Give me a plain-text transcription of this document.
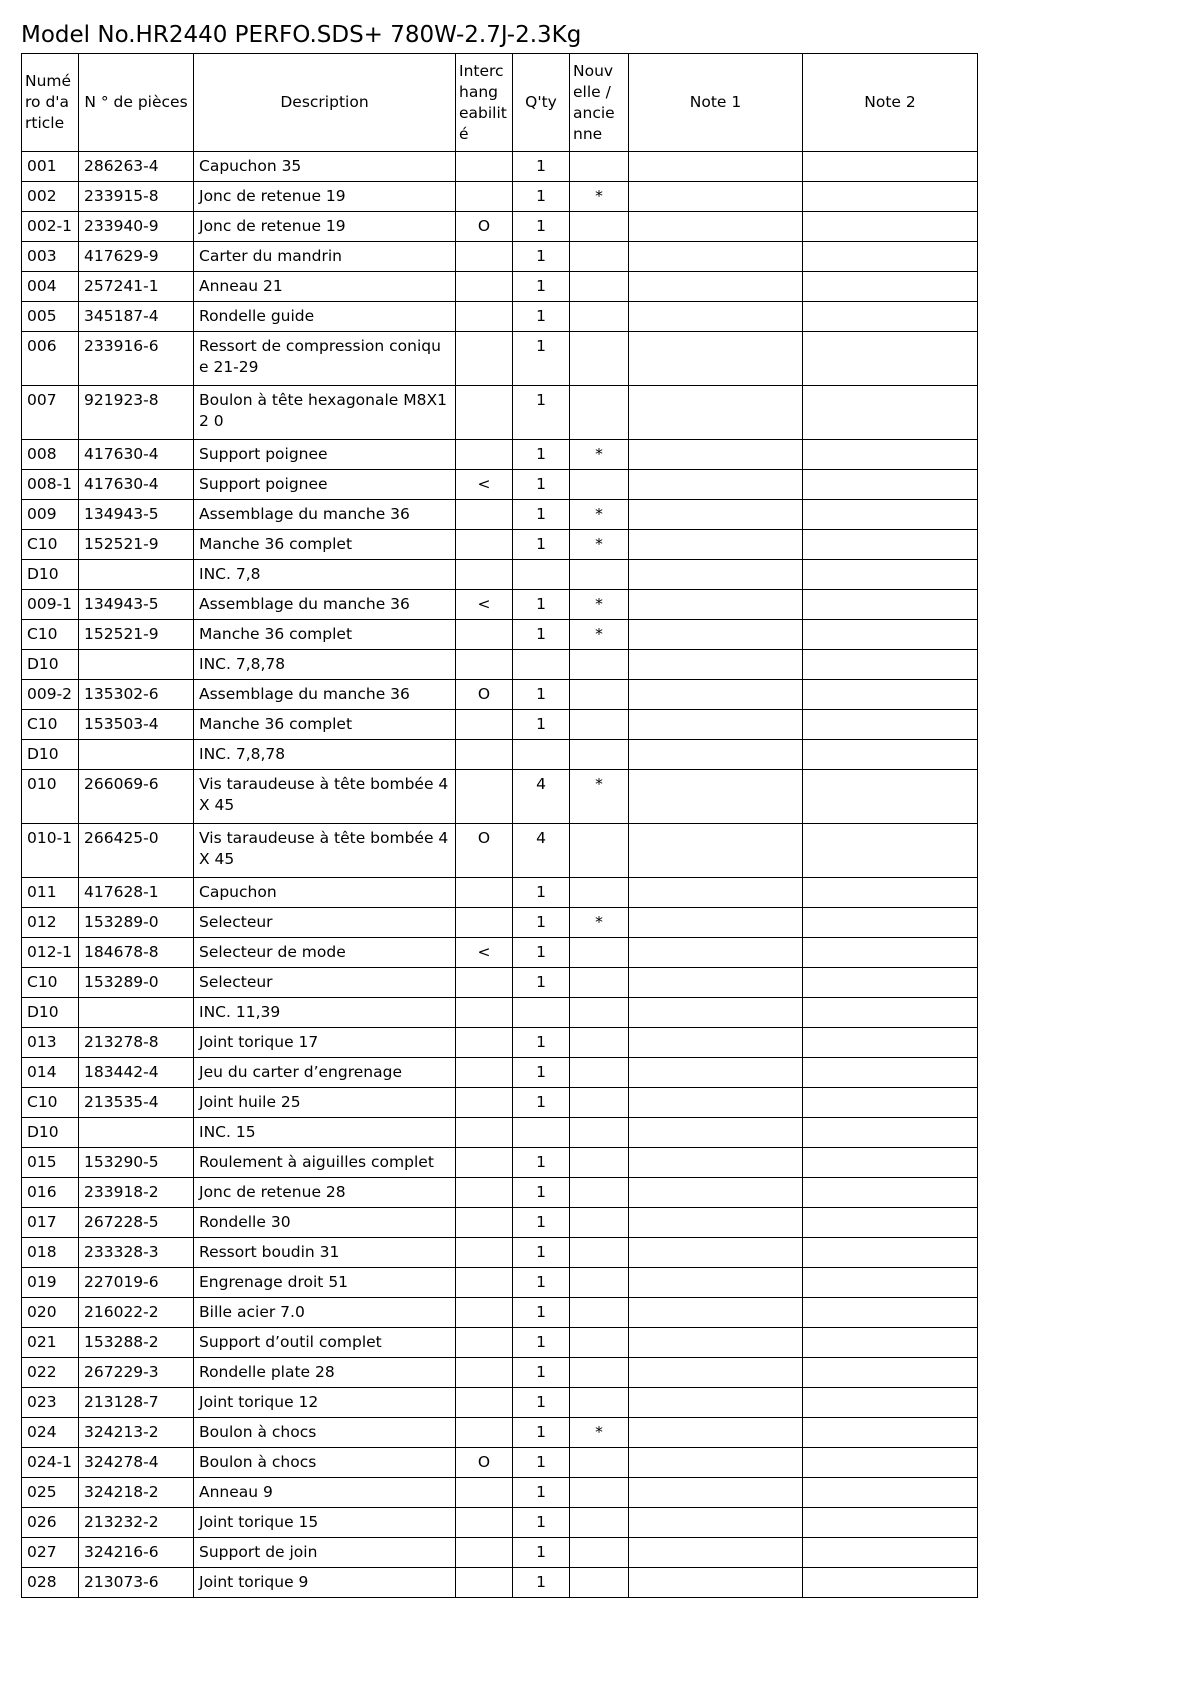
Model No.HR2440 PERFO.SDS+ 780W-2.7J-2.3Kg
Numé ro d'a rticle	N ° de pièces	Description	Interc hang eabilit é	Q'ty	Nouv elle / ancie nne	Note 1	Note 2
001	286263-4	Capuchon 35		1			
002	233915-8	Jonc de retenue 19		1	*		
002-1	233940-9	Jonc de retenue 19	O	1			
003	417629-9	Carter du mandrin		1			
004	257241-1	Anneau 21		1			
005	345187-4	Rondelle guide		1			
006	233916-6	Ressort de compression conique 21-29		1			
007	921923-8	Boulon à tête hexagonale M8X12 0		1			
008	417630-4	Support poignee		1	*		
008-1	417630-4	Support poignee	<	1			
009	134943-5	Assemblage du manche 36		1	*		
C10	152521-9	Manche 36 complet		1	*		
D10		INC. 7,8					
009-1	134943-5	Assemblage du manche 36	<	1	*		
C10	152521-9	Manche 36 complet		1	*		
D10		INC. 7,8,78					
009-2	135302-6	Assemblage du manche 36	O	1			
C10	153503-4	Manche 36 complet		1			
D10		INC. 7,8,78					
010	266069-6	Vis taraudeuse à tête bombée 4X 45		4	*		
010-1	266425-0	Vis taraudeuse à tête bombée 4X 45	O	4			
011	417628-1	Capuchon		1			
012	153289-0	Selecteur		1	*		
012-1	184678-8	Selecteur de mode	<	1			
C10	153289-0	Selecteur		1			
D10		INC. 11,39					
013	213278-8	Joint torique 17		1			
014	183442-4	Jeu du carter d’engrenage		1			
C10	213535-4	Joint huile 25		1			
D10		INC. 15					
015	153290-5	Roulement à aiguilles complet		1			
016	233918-2	Jonc de retenue 28		1			
017	267228-5	Rondelle 30		1			
018	233328-3	Ressort boudin 31		1			
019	227019-6	Engrenage droit 51		1			
020	216022-2	Bille acier 7.0		1			
021	153288-2	Support d’outil complet		1			
022	267229-3	Rondelle plate 28		1			
023	213128-7	Joint torique 12		1			
024	324213-2	Boulon à chocs		1	*		
024-1	324278-4	Boulon à chocs	O	1			
025	324218-2	Anneau 9		1			
026	213232-2	Joint torique 15		1			
027	324216-6	Support de join		1			
028	213073-6	Joint torique 9		1			
